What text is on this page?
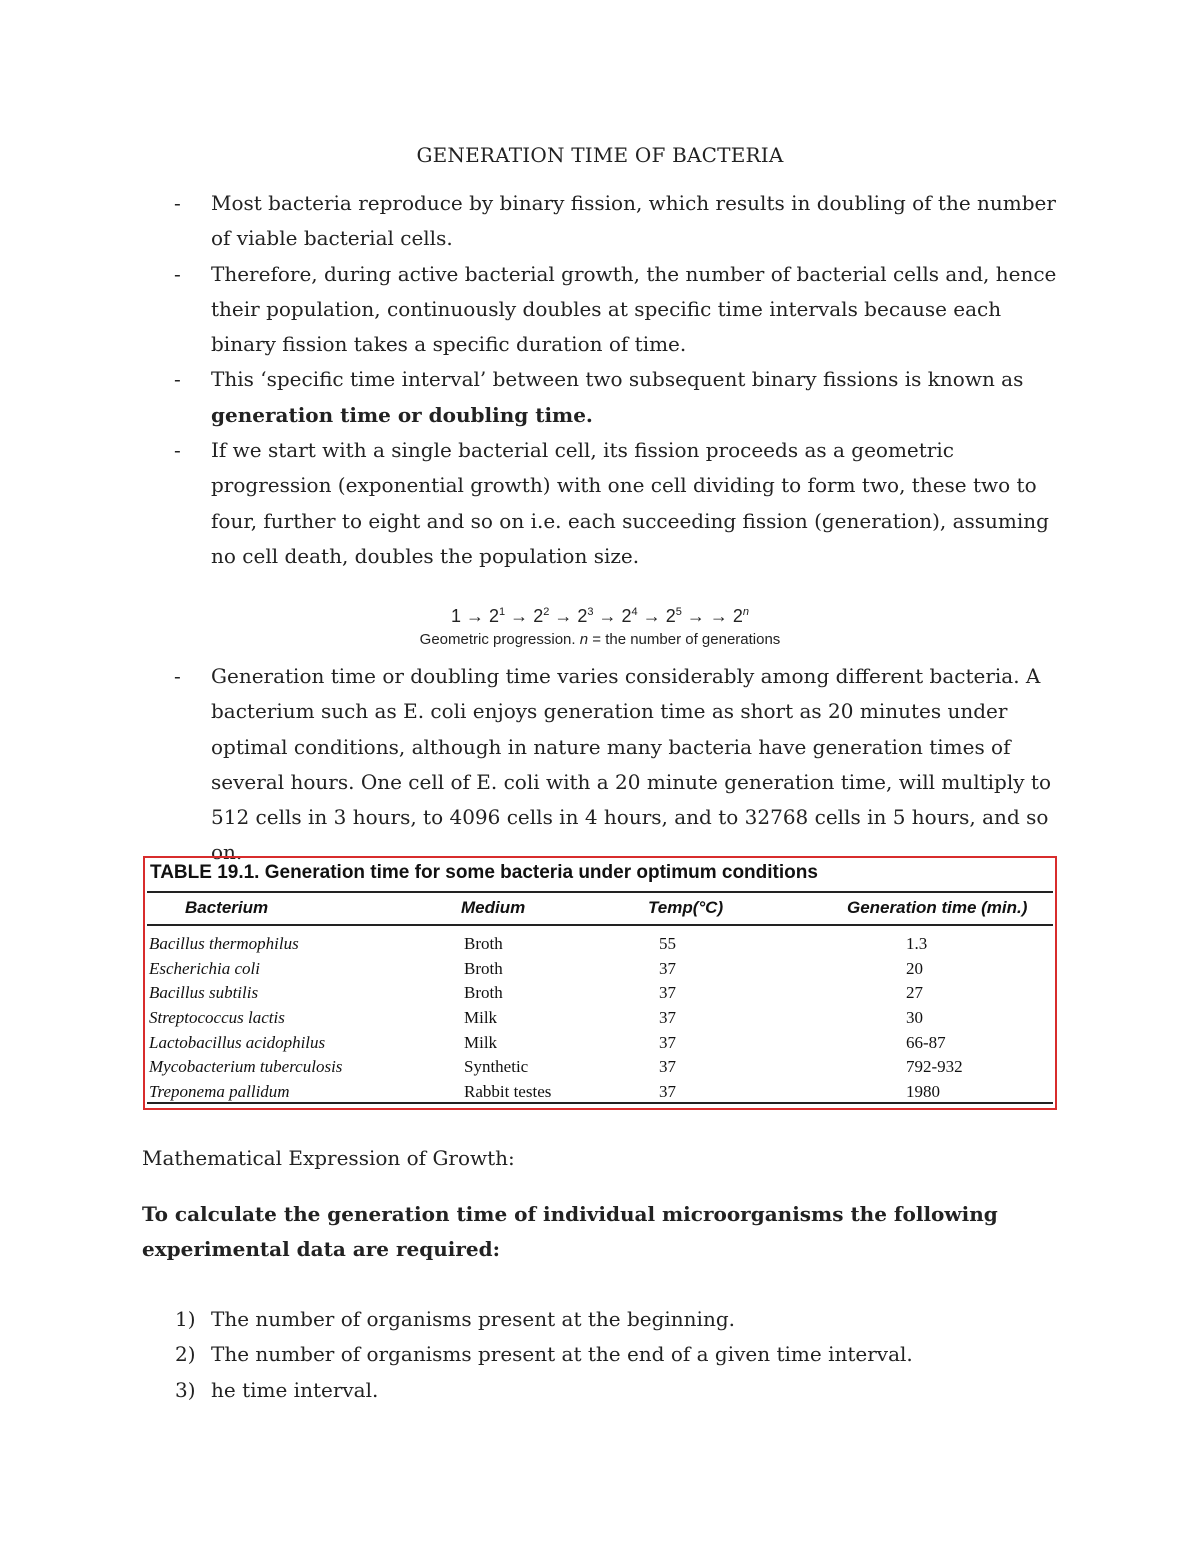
GENERATION TIME OF BACTERIA
- Most bacteria reproduce by binary fission, which results in doubling of the number of viable bacterial cells.
- Therefore, during active bacterial growth, the number of bacterial cells and, hence their population, continuously doubles at specific time intervals because each binary fission takes a specific duration of time.
- This ‘specific time interval’ between two subsequent binary fissions is known as
generation time or doubling time.
- If we start with a single bacterial cell, its fission proceeds as a geometric progression (exponential growth) with one cell dividing to form two, these two to four, further to eight and so on i.e. each succeeding fission (generation), assuming no cell death, doubles the population size.
$1 \to 2^1 \to 2^2 \to 2^3 \to 2^4 \to 2^5$ → → $2^n$
Geometric progression. n = the number of generations
- Generation time or doubling time varies considerably among different bacteria. A bacterium such as E. coli enjoys generation time as short as 20 minutes under optimal conditions, although in nature many bacteria have generation times of several hours. One cell of E. coli with a 20 minute generation time, will multiply to 512 cells in 3 hours, to 4096 cells in 4 hours, and to 32768 cells in 5 hours, and so on.
TABLE 19.1. Generation time for some bacteria under optimum conditions
Bacterium	Medium	Temp(°C)	Generation time (min.)
Bacillus thermophilus	Broth	55	1.3
Escherichia coli	Broth	37	20
Bacillus subtilis	Broth	37	27
Streptococcus lactis	Milk	37	30
Lactobacillus acidophilus	Milk	37	66-87
Mycobacterium tuberculosis	Synthetic	37	792-932
Treponema pallidum	Rabbit testes	37	1980
Mathematical Expression of Growth:
To calculate the generation time of individual microorganisms the following experimental data are required:
1) The number of organisms present at the beginning.
2) The number of organisms present at the end of a given time interval.
3) he time interval.
